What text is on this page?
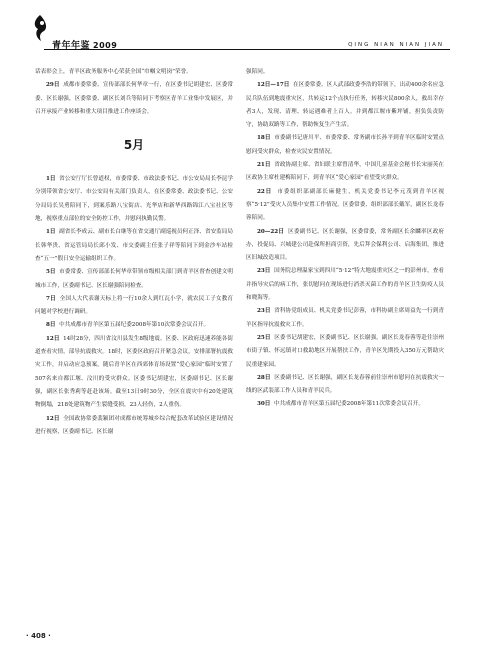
青年年鉴 2009	QING NIAN NIAN JIAN

话表彰会上，青羊区政务服务中心荣获全国“巾帼文明岗”荣誉。

29日 成都市委常委、宣传部部长何华章一行，在区委书记胡建宏、区委常委、区长谢强，区委常委、副区长刘兵等陪同下考察区青羊工业集中发展区，并召开承接产业转移和重大项目推进工作座谈会。

5月

1日 省公安厅厅长曾道权，市委常委、市政法委书记、市公安局局长李昆学分别带领省公安厅、市公安局有关部门负责人，在区委常委、政法委书记、公安分局局长吴勇陪同下，到案乐路八宝街店、光华店和新华西路锦江八宝社区等地，视察重点部位的安全防控工作，并慰问执勤民警。

1日 副省长李成云、副市长白继等在省交通厅副巡视员何正泽、省安监局局长韩华贵、省运管局局长邱小发、市交委副主任张子祥等陪同下到金沙车站检查“五一”假日安全运输组织工作。

5日 市委常委、宣传部部长何华章带领市级相关部门到青羊区督查创建文明城市工作，区委副书记、区长谢强陪同检查。

7日 全国人大代表谢天标上将一行10余人到红瓦小学，就农民工子女教育问题对学校进行调研。

8日 中共成都市青羊区第五届纪委2008年第10次常委会议召开。

12日 14时28分，四川省汶川县发生8级地震。区委、区政府迅速养能各街道查看灾情，部导抗震救灾。18时，区委区政府召开紧急会议，安排部署抗震救灾工作，并启动应急预案，随后青羊区在西郊体育场设置“爱心家园”临时安置了507名来自都江堰、汶川的受灾群众。区委书记胡建宏，区委副书记、区长谢强，副区长张秀莉等赶赴该场。截至13日9时30分，全区在震灾中有20处建筑物倒塌，218处建筑物产生裂缝受损，23人轻伤，2人重伤。

12日 全国政协常委裴颖团对成都市统筹城乡综合配套改革试验区建设情况进行视察，区委副书记、区长谢

强陪同。

12日—17日 在区委常委、区人武部政委李浩的带领下，出动400余名应急民兵队伍到地震重灾区，共转运12个点执行任务，转移灾民800余人，救出幸存者3人，发现、清理、转运遇难者上百人。并到都江堰市紫坪铺，担负负责防守，协助双路等工作，帮助恢复生产生活。

18日 市委副书记唐川平、市委常委、常务副市长孙平到青羊区临时安置点慰问受灾群众，检查灾民安置情况。

21日 省政协副主席、省妇联主席曾清华，中国儿童基金会秘书长宋丽英在区政协主席杜建梅陪同下，到青羊区“爱心家园”看望受灾群众。

22日 市委组织部副部长麻健生，机关党委书记李元茂到青羊区视察“5·12”受灾人员集中安置工作情况。区委常委、组织部部长戴军，副区长龙春蓉陪同。

20—22日 区委副书记、区长谢强，区委常委，常务副区长余麟率区政府办，投促局、兴城建公司赴保所担商引资，先后拜会保利公司、启海集团，推进区旧城改造项目。

23日 国务院总理温家宝到四川“5·12”特大地震重灾区之一的彭州市，查看并指导灾后的病工作，张切慰问在现场进行消杀灭菌工作的青羊区卫生防疫人员和晓海等。

23日 省科协党组成员、机关党委书记彭蓉，市科协副主席周益先一行到青羊区指导抗震救灾工作。

25日 区委书记胡建宏，区委副书记、区长谢强，副区长龙春蓉等赴往崇州市街子镇、怀远镇对口救助地区开展帮扶工作，青羊区先期投入350万元帮助灾民重建家园。

28日 区委副书记、区长谢强，副区长龙春蓉前往崇州市慰问在抗震救灾一线的区武装部工作人员和青羊民兵。

30日 中共成都市青羊区第五届纪委2008年第11次常委会议召开。

· 408 ·
